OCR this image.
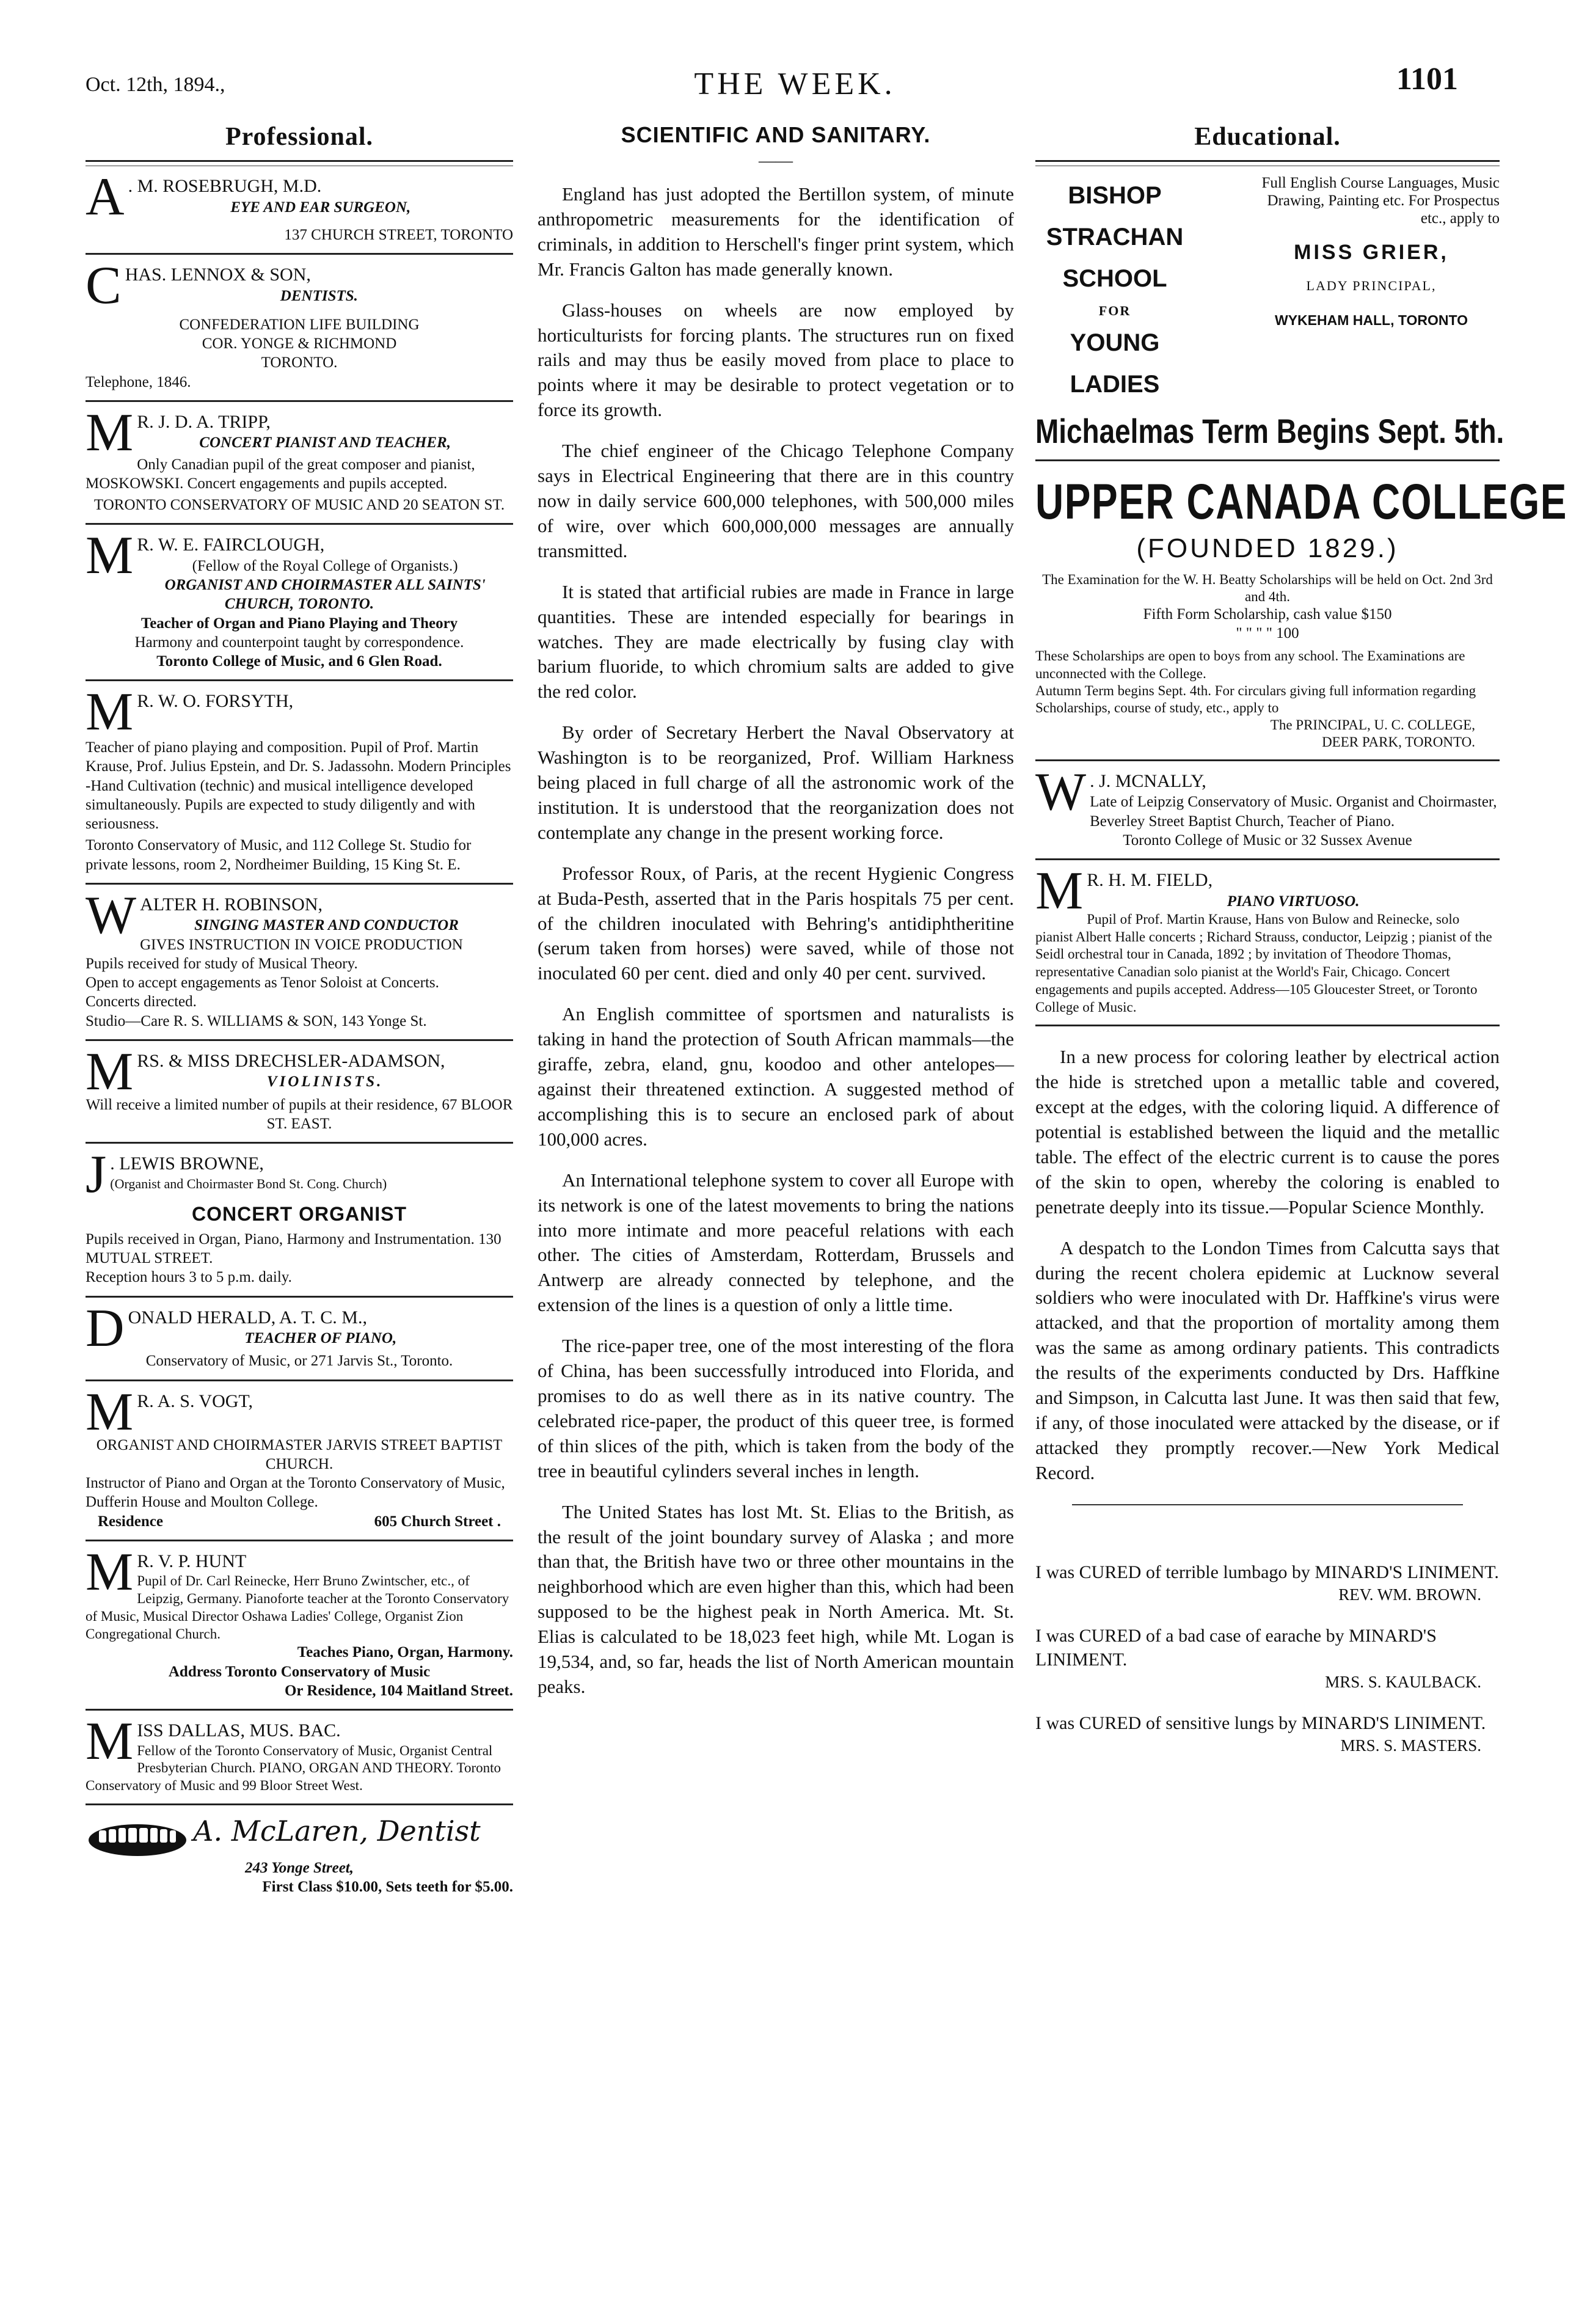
Oct. 12th, 1894.,	THE WEEK.	1101
Professional.
A . M. ROSEBRUGH, M.D.
EYE AND EAR SURGEON,
137 CHURCH STREET, TORONTO
CHAS. LENNOX & SON,
DENTISTS.
CONFEDERATION LIFE BUILDING
COR. YONGE & RICHMOND
TORONTO.
Telephone, 1846.
M R. J. D. A. TRIPP,
CONCERT PIANIST AND TEACHER,

Only Canadian pupil of the great composer and pianist, MOSKOWSKI. Concert engagements and pupils accepted.

TORONTO CONSERVATORY OF MUSIC AND 20 SEATON ST.
M R. W. E. FAIRCLOUGH,
(Fellow of the Royal College of Organists.)
ORGANIST AND CHOIRMASTER ALL SAINTS' CHURCH, TORONTO.
Teacher of Organ and Piano Playing and Theory
Harmony and counterpoint taught by correspondence.
Toronto College of Music, and 6 Glen Road.
M R. W. O. FORSYTH,

Teacher of piano playing and composition. Pupil of Prof. Martin Krause, Prof. Julius Epstein, and Dr. S. Jadassohn. Modern Principles -Hand Cultivation (technic) and musical intelligence developed simultaneously. Pupils are expected to study diligently and with seriousness.

Toronto Conservatory of Music, and 112 College St. Studio for private lessons, room 2, Nordheimer Building, 15 King St. E.

WALTER H. ROBINSON,
SINGING MASTER AND CONDUCTOR
GIVES INSTRUCTION IN VOICE PRODUCTION
Pupils received for study of Musical Theory.
Open to accept engagements as Tenor Soloist at Concerts.
Concerts directed.
Studio—Care R. S. WILLIAMS & SON, 143 Yonge St.
MRS. & MISS DRECHSLER-ADAMSON,
VIOLINISTS.
Will receive a limited number of pupils at their residence, 67 BLOOR ST. EAST.
J . LEWIS BROWNE,
(Organist and Choirmaster Bond St. Cong. Church)
CONCERT ORGANIST
Pupils received in Organ, Piano, Harmony and Instrumentation. 130 MUTUAL STREET.
Reception hours 3 to 5 p.m. daily.
DONALD HERALD, A. T. C. M.,
TEACHER OF PIANO,
Conservatory of Music, or 271 Jarvis St., Toronto.
M R. A. S. VOGT,
ORGANIST AND CHOIRMASTER JARVIS STREET BAPTIST CHURCH.
Instructor of Piano and Organ at the Toronto Conservatory of Music, Dufferin House and Moulton College.
Residence	605 Church Street .
M R. V. P. HUNT
Pupil of Dr. Carl Reinecke, Herr Bruno Zwintscher, etc., of Leipzig, Germany. Pianoforte teacher at the Toronto Conservatory of Music, Musical Director Oshawa Ladies' College, Organist Zion Congregational Church.
Teaches Piano, Organ, Harmony.
Address Toronto Conservatory of Music
Or Residence, 104 Maitland Street.
MISS DALLAS, MUS. BAC.
Fellow of the Toronto Conservatory of Music, Organist Central Presbyterian Church. PIANO, ORGAN AND THEORY. Toronto Conservatory of Music and 99 Bloor Street West.
A. McLaren, Dentist
243 Yonge Street,
First Class $10.00, Sets teeth for $5.00.
SCIENTIFIC AND SANITARY.
——

England has just adopted the Bertillon system, of minute anthropometric measurements for the identification of criminals, in addition to Herschell's finger print system, which Mr. Francis Galton has made generally known.

Glass-houses on wheels are now employed by horticulturists for forcing plants. The structures run on fixed rails and may thus be easily moved from place to place to points where it may be desirable to protect vegetation or to force its growth.

The chief engineer of the Chicago Telephone Company says in Electrical Engineering that there are in this country now in daily service 600,000 telephones, with 500,000 miles of wire, over which 600,000,000 messages are annually transmitted.

It is stated that artificial rubies are made in France in large quantities. These are intended especially for bearings in watches. They are made electrically by fusing clay with barium fluoride, to which chromium salts are added to give the red color.

By order of Secretary Herbert the Naval Observatory at Washington is to be reorganized, Prof. William Harkness being placed in full charge of all the astronomic work of the institution. It is understood that the reorganization does not contemplate any change in the present working force.

Professor Roux, of Paris, at the recent Hygienic Congress at Buda-Pesth, asserted that in the Paris hospitals 75 per cent. of the children inoculated with Behring's antidiphtheritine (serum taken from horses) were saved, while of those not inoculated 60 per cent. died and only 40 per cent. survived.

An English committee of sportsmen and naturalists is taking in hand the protection of South African mammals—the giraffe, zebra, eland, gnu, koodoo and other antelopes—against their threatened extinction. A suggested method of accomplishing this is to secure an enclosed park of about 100,000 acres.

An International telephone system to cover all Europe with its network is one of the latest movements to bring the nations into more intimate and more peaceful relations with each other. The cities of Amsterdam, Rotterdam, Brussels and Antwerp are already connected by telephone, and the extension of the lines is a question of only a little time.

The rice-paper tree, one of the most interesting of the flora of China, has been successfully introduced into Florida, and promises to do as well there as in its native country. The celebrated rice-paper, the product of this queer tree, is formed of thin slices of the pith, which is taken from the body of the tree in beautiful cylinders several inches in length.

The United States has lost Mt. St. Elias to the British, as the result of the joint boundary survey of Alaska ; and more than that, the British have two or three other mountains in the neighborhood which are even higher than this, which had been supposed to be the highest peak in North America. Mt. St. Elias is calculated to be 18,023 feet high, while Mt. Logan is 19,534, and, so far, heads the list of North American mountain peaks.

Educational.
BISHOP
STRACHAN
SCHOOL
FOR
YOUNG LADIES
Full English Course Languages, Music Drawing, Painting etc. For Prospectus etc., apply to
MISS GRIER,
LADY PRINCIPAL,
WYKEHAM HALL, TORONTO
Michaelmas Term Begins Sept. 5th.
UPPER CANADA COLLEGE
(FOUNDED 1829.)
The Examination for the W. H. Beatty Scholarships will be held on Oct. 2nd 3rd and 4th.
Fifth Form Scholarship, cash value $150
" " " " 100
These Scholarships are open to boys from any school. The Examinations are unconnected with the College.
Autumn Term begins Sept. 4th. For circulars giving full information regarding Scholarships, course of study, etc., apply to
The PRINCIPAL, U. C. COLLEGE,
DEER PARK, TORONTO.
W . J. MCNALLY,
Late of Leipzig Conservatory of Music. Organist and Choirmaster, Beverley Street Baptist Church, Teacher of Piano.
Toronto College of Music or 32 Sussex Avenue
M R. H. M. FIELD,
PIANO VIRTUOSO.
Pupil of Prof. Martin Krause, Hans von Bulow and Reinecke, solo pianist Albert Halle concerts ; Richard Strauss, conductor, Leipzig ; pianist of the Seidl orchestral tour in Canada, 1892 ; by invitation of Theodore Thomas, representative Canadian solo pianist at the World's Fair, Chicago. Concert engagements and pupils accepted. Address—105 Gloucester Street, or Toronto College of Music.

In a new process for coloring leather by electrical action the hide is stretched upon a metallic table and covered, except at the edges, with the coloring liquid. A difference of potential is established between the liquid and the metallic table. The effect of the electric current is to cause the pores of the skin to open, whereby the coloring is enabled to penetrate deeply into its tissue.—Popular Science Monthly.

A despatch to the London Times from Calcutta says that during the recent cholera epidemic at Lucknow several soldiers who were inoculated with Dr. Haffkine's virus were attacked, and that the proportion of mortality among them was the same as among ordinary patients. This contradicts the results of the experiments conducted by Drs. Haffkine and Simpson, in Calcutta last June. It was then said that few, if any, of those inoculated were attacked by the disease, or if attacked they promptly recover.—New York Medical Record.

I was CURED of terrible lumbago by MINARD'S LINIMENT.
REV. WM. BROWN.
I was CURED of a bad case of earache by MINARD'S LINIMENT.
MRS. S. KAULBACK.
I was CURED of sensitive lungs by MINARD'S LINIMENT.
MRS. S. MASTERS.
